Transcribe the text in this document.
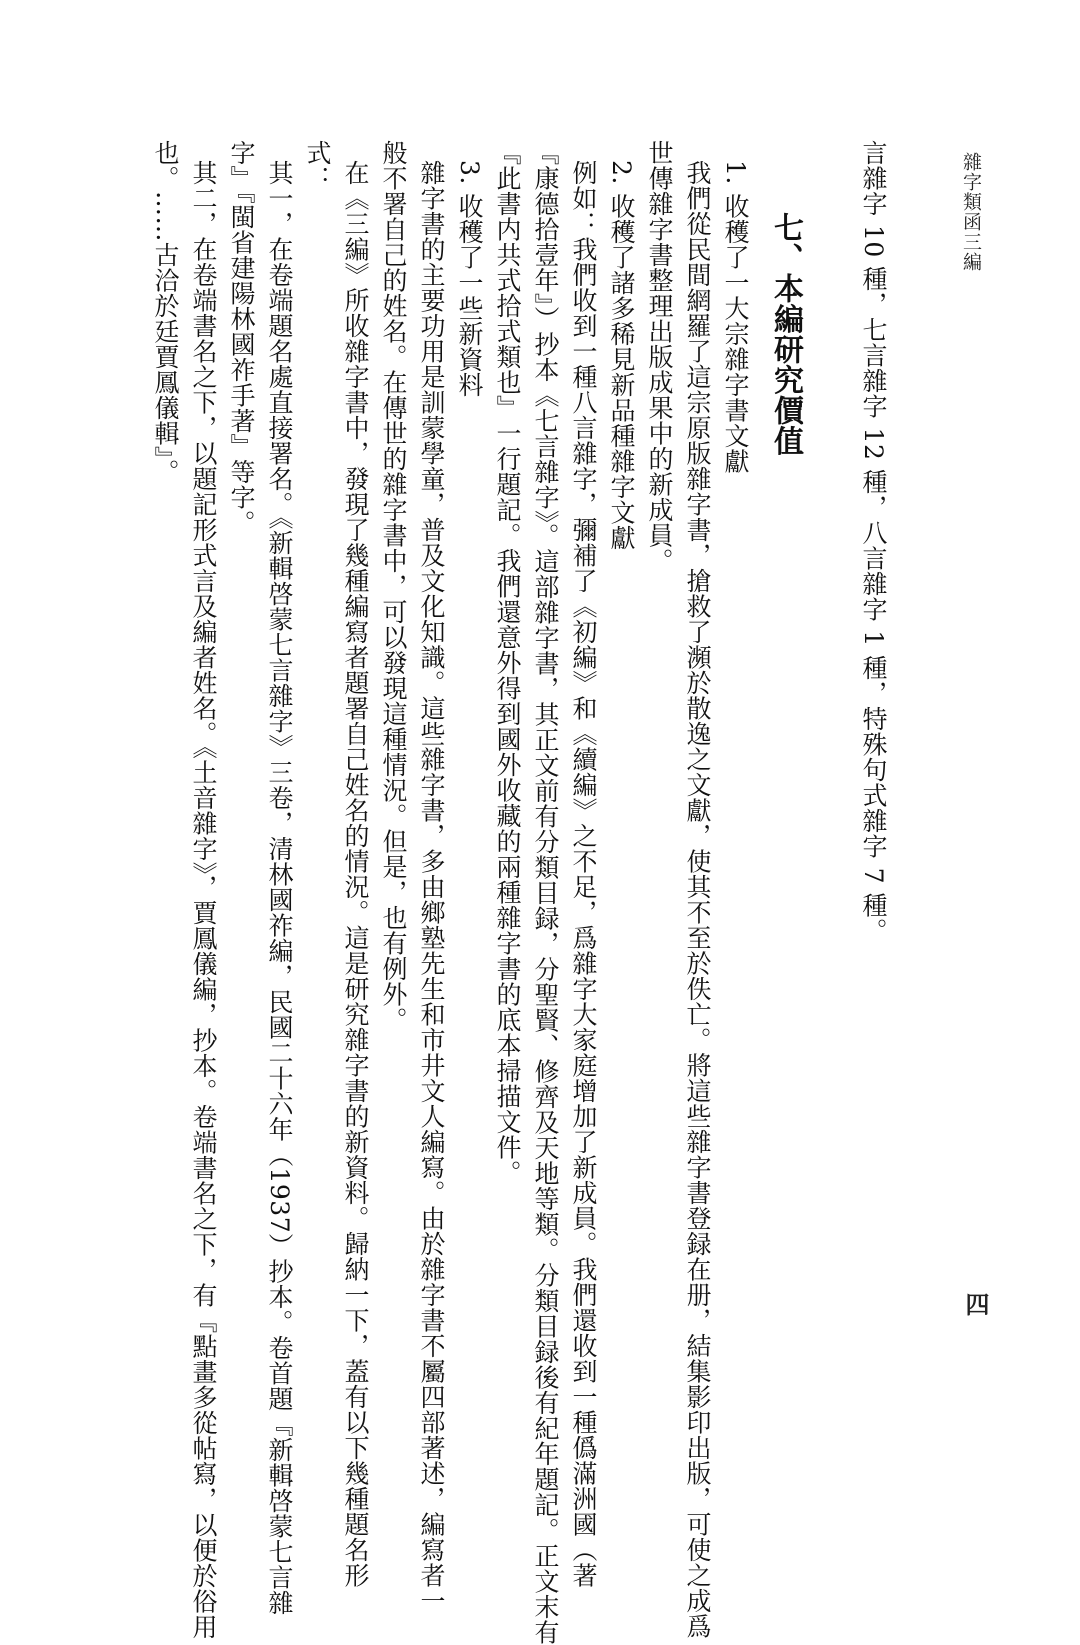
雜字類函三編
四

言雜字 10 種，七言雜字 12 種，八言雜字 1 種，特殊句式雜字 7 種。

七、本編研究價值

1. 收穫了一大宗雜字書文獻

我們從民間網羅了這宗原版雜字書，搶救了瀕於散逸之文獻，使其不至於佚亡。將這些雜字書登録在册，結集影印出版，可使之成爲

世傳雜字書整理出版成果中的新成員。

2. 收穫了諸多稀見新品種雜字文獻

例如：我們收到一種八言雜字，彌補了《初編》和《續編》之不足，爲雜字大家庭增加了新成員。我們還收到一種僞滿洲國（著

『康德拾壹年』）抄本《七言雜字》。這部雜字書，其正文前有分類目録，分聖賢、修齊及天地等類。分類目録後有紀年題記。正文末有

『此書内共式拾式類也』一行題記。我們還意外得到國外收藏的兩種雜字書的底本掃描文件。

3. 收穫了一些新資料

雜字書的主要功用是訓蒙學童，普及文化知識。這些雜字書，多由鄉塾先生和市井文人編寫。由於雜字書不屬四部著述，編寫者一

般不署自己的姓名。在傳世的雜字書中，可以發現這種情況。但是，也有例外。

在《三編》所收雜字書中，發現了幾種編寫者題署自己姓名的情況。這是研究雜字書的新資料。歸納一下，蓋有以下幾種題名形

式：

其一，在卷端題名處直接署名。《新輯啓蒙七言雜字》三卷，清林國祚編，民國二十六年（1937）抄本。卷首題『新輯啓蒙七言雜

字』『閩省建陽林國祚手著』等字。

其二，在卷端書名之下，以題記形式言及編者姓名。《土音雜字》，賈鳳儀編，抄本。卷端書名之下，有『點畫多從帖寫，以便於俗用

也。……古洽於廷賈鳳儀輯』。
